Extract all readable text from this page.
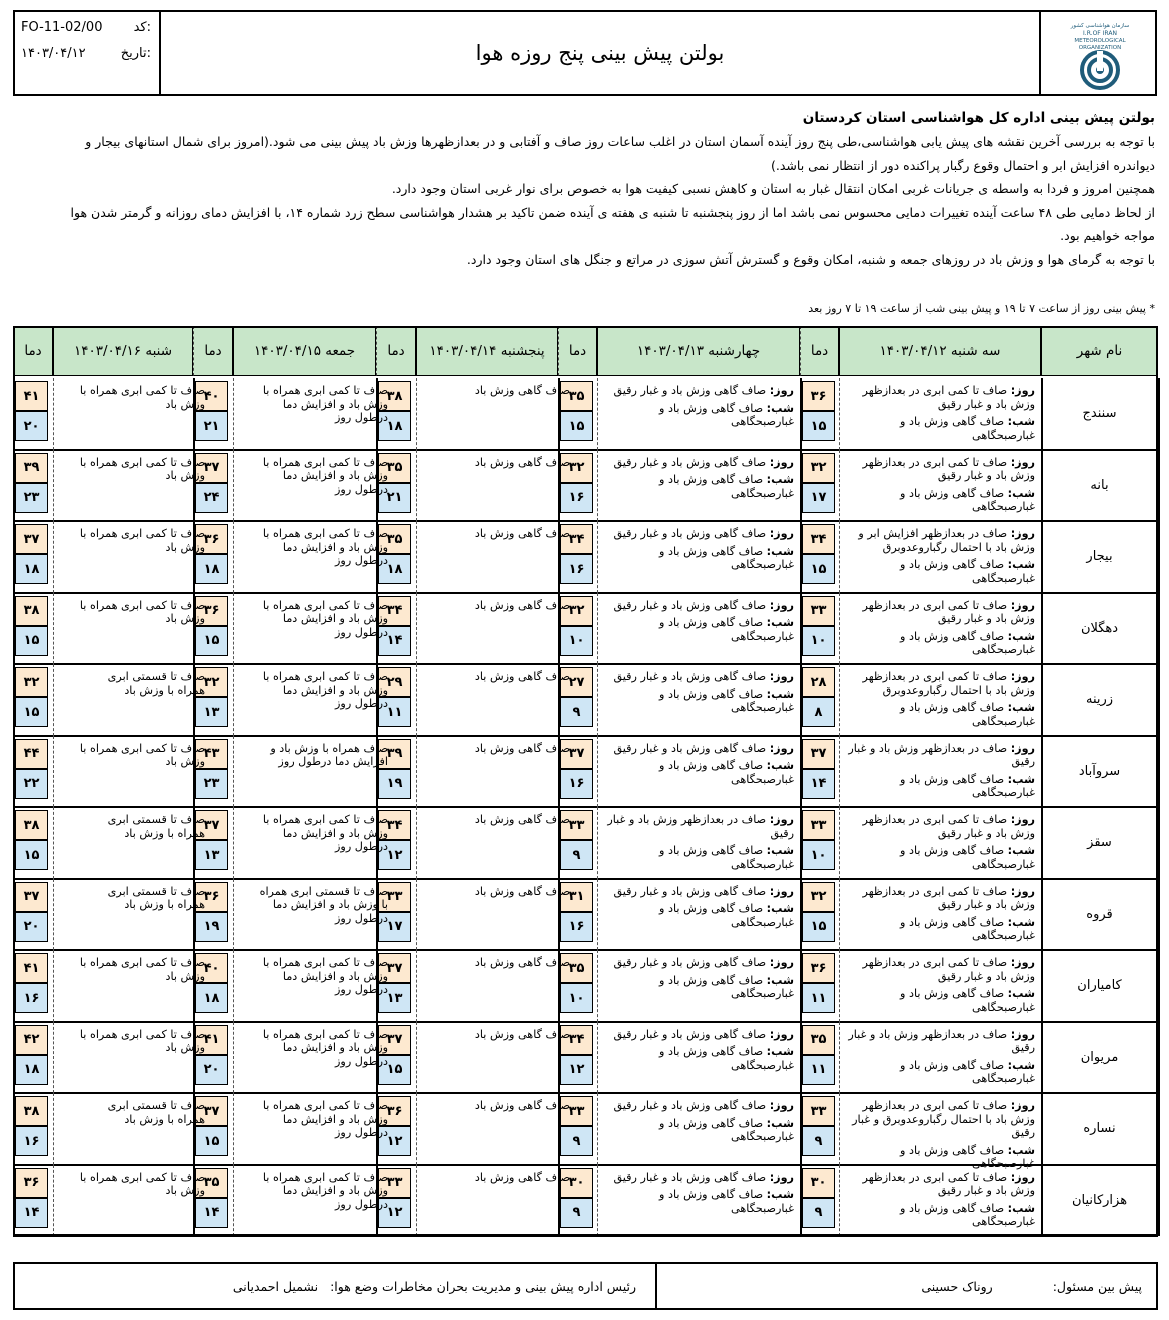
FO-11-02/00 کد:
۱۴۰۳/۰۴/۱۲	تاریخ:	بولتن پیش بینی پنج روزه هوا
سازمان هواشناسی کشور
I.R.OF IRAN
METEOROLOGICAL
ORGANIZATION
بولتن پیش بینی اداره کل هواشناسی استان کردستان

با توجه به بررسی آخرین نقشه های پیش یابی هواشناسی،طی پنج روز آینده آسمان استان در اغلب ساعات روز صاف و آفتابی و در بعدازظهرها وزش باد پیش بینی می شود.(امروز برای شمال استانهای بیجار و دیواندره افزایش ابر و احتمال وقوع رگبار پراکنده دور از انتظار نمی باشد.)

همچنین امروز و فردا به واسطه ی جریانات غربی امکان انتقال غبار به استان و کاهش نسبی کیفیت هوا به خصوص برای نوار غربی استان وجود دارد.

از لحاظ دمایی طی ۴۸ ساعت آینده تغییرات دمایی محسوس نمی باشد اما از روز پنجشنبه تا شنبه ی هفته ی آینده ضمن تاکید بر هشدار هواشناسی سطح زرد شماره ۱۴، با افزایش دمای روزانه و گرمتر شدن هوا مواجه خواهیم بود.

با توجه به گرمای هوا و وزش باد در روزهای جمعه و شنبه، امکان وقوع و گسترش آتش سوزی در مراتع و جنگل های استان وجود دارد.

* پیش بینی روز از ساعت ۷ تا ۱۹ و پیش بینی شب از ساعت ۱۹ تا ۷ روز بعد
نام شهر
سه شنبه ۱۴۰۳/۰۴/۱۲
دما
چهارشنبه ۱۴۰۳/۰۴/۱۳
دما
پنجشنبه ۱۴۰۳/۰۴/۱۴
دما
جمعه ۱۴۰۳/۰۴/۱۵
دما
شنبه ۱۴۰۳/۰۴/۱۶
دما
سنندج
روز: صاف تا کمی ابری در بعدازظهر وزش باد و غبار رقیق
شب: صاف گاهی وزش باد و غبارصبحگاهی
۳۶
۱۵
روز: صاف گاهی وزش باد و غبار رقیق
شب: صاف گاهی وزش باد و غبارصبحگاهی
۳۵
۱۵
صاف گاهی وزش باد
۳۸
۱۸
صاف تا کمی ابری همراه با وزش باد و افزایش دما درطول روز
۴۰
۲۱
صاف تا کمی ابری همراه با وزش باد
۴۱
۲۰
بانه
روز: صاف تا کمی ابری در بعدازظهر وزش باد و غبار رقیق
شب: صاف گاهی وزش باد و غبارصبحگاهی
۳۲
۱۷
روز: صاف گاهی وزش باد و غبار رقیق
شب: صاف گاهی وزش باد و غبارصبحگاهی
۳۲
۱۶
صاف گاهی وزش باد
۳۵
۲۱
صاف تا کمی ابری همراه با وزش باد و افزایش دما درطول روز
۳۷
۲۴
صاف تا کمی ابری همراه با وزش باد
۳۹
۲۳
بیجار
روز: صاف در بعدازظهر افزایش ابر و وزش باد با احتمال رگباروعدوبرق
شب: صاف گاهی وزش باد و غبارصبحگاهی
۳۴
۱۵
روز: صاف گاهی وزش باد و غبار رقیق
شب: صاف گاهی وزش باد و غبارصبحگاهی
۳۴
۱۶
صاف گاهی وزش باد
۳۵
۱۸
صاف تا کمی ابری همراه با وزش باد و افزایش دما درطول روز
۳۶
۱۸
صاف تا کمی ابری همراه با وزش باد
۳۷
۱۸
دهگلان
روز: صاف تا کمی ابری در بعدازظهر وزش باد و غبار رقیق
شب: صاف گاهی وزش باد و غبارصبحگاهی
۳۳
۱۰
روز: صاف گاهی وزش باد و غبار رقیق
شب: صاف گاهی وزش باد و غبارصبحگاهی
۳۲
۱۰
صاف گاهی وزش باد
۳۴
۱۴
صاف تا کمی ابری همراه با وزش باد و افزایش دما درطول روز
۳۶
۱۵
صاف تا کمی ابری همراه با وزش باد
۳۸
۱۵
زرینه
روز: صاف تا کمی ابری در بعدازظهر وزش باد با احتمال رگباروعدوبرق
شب: صاف گاهی وزش باد و غبارصبحگاهی
۲۸
۸
روز: صاف گاهی وزش باد و غبار رقیق
شب: صاف گاهی وزش باد و غبارصبحگاهی
۲۷
۹
صاف گاهی وزش باد
۲۹
۱۱
صاف تا کمی ابری همراه با وزش باد و افزایش دما درطول روز
۳۲
۱۳
صاف تا قسمتی ابری همراه با وزش باد
۳۲
۱۵
سروآباد
روز: صاف در بعدازظهر وزش باد و غبار رقیق
شب: صاف گاهی وزش باد و غبارصبحگاهی
۳۷
۱۴
روز: صاف گاهی وزش باد و غبار رقیق
شب: صاف گاهی وزش باد و غبارصبحگاهی
۳۷
۱۶
صاف گاهی وزش باد
۳۹
۱۹
صاف همراه با وزش باد و افزایش دما درطول روز
۴۳
۲۳
صاف تا کمی ابری همراه با وزش باد
۴۴
۲۲
سقز
روز: صاف تا کمی ابری در بعدازظهر وزش باد و غبار رقیق
شب: صاف گاهی وزش باد و غبارصبحگاهی
۳۳
۱۰
روز: صاف در بعدازظهر وزش باد و غبار رقیق
شب: صاف گاهی وزش باد و غبارصبحگاهی
۳۳
۹
صاف گاهی وزش باد
۳۴
۱۲
صاف تا کمی ابری همراه با وزش باد و افزایش دما درطول روز
۳۷
۱۳
صاف تا قسمتی ابری همراه با وزش باد
۳۸
۱۵
قروه
روز: صاف تا کمی ابری در بعدازظهر وزش باد و غبار رقیق
شب: صاف گاهی وزش باد و غبارصبحگاهی
۳۲
۱۵
روز: صاف گاهی وزش باد و غبار رقیق
شب: صاف گاهی وزش باد و غبارصبحگاهی
۳۱
۱۶
صاف گاهی وزش باد
۳۳
۱۷
صاف تا قسمتی ابری همراه با وزش باد و افزایش دما درطول روز
۳۶
۱۹
صاف تا قسمتی ابری همراه با وزش باد
۳۷
۲۰
کامیاران
روز: صاف تا کمی ابری در بعدازظهر وزش باد و غبار رقیق
شب: صاف گاهی وزش باد و غبارصبحگاهی
۳۶
۱۱
روز: صاف گاهی وزش باد و غبار رقیق
شب: صاف گاهی وزش باد و غبارصبحگاهی
۳۵
۱۰
صاف گاهی وزش باد
۳۷
۱۳
صاف تا کمی ابری همراه با وزش باد و افزایش دما درطول روز
۴۰
۱۸
صاف تا کمی ابری همراه با وزش باد
۴۱
۱۶
مریوان
روز: صاف در بعدازظهر وزش باد و غبار رقیق
شب: صاف گاهی وزش باد و غبارصبحگاهی
۳۵
۱۱
روز: صاف گاهی وزش باد و غبار رقیق
شب: صاف گاهی وزش باد و غبارصبحگاهی
۳۴
۱۲
صاف گاهی وزش باد
۳۷
۱۵
صاف تا کمی ابری همراه با وزش باد و افزایش دما درطول روز
۴۱
۲۰
صاف تا کمی ابری همراه با وزش باد
۴۲
۱۸
نساره
روز: صاف تا کمی ابری در بعدازظهر وزش باد با احتمال رگباروعدوبرق و غبار رقیق
شب: صاف گاهی وزش باد و غبارصبحگاهی
۳۳
۹
روز: صاف گاهی وزش باد و غبار رقیق
شب: صاف گاهی وزش باد و غبارصبحگاهی
۳۳
۹
صاف گاهی وزش باد
۳۶
۱۲
صاف تا کمی ابری همراه با وزش باد و افزایش دما درطول روز
۳۷
۱۵
صاف تا قسمتی ابری همراه با وزش باد
۳۸
۱۶
هزارکانیان
روز: صاف تا کمی ابری در بعدازظهر وزش باد و غبار رقیق
شب: صاف گاهی وزش باد و غبارصبحگاهی
۳۰
۹
روز: صاف گاهی وزش باد و غبار رقیق
شب: صاف گاهی وزش باد و غبارصبحگاهی
۳۰
۹
صاف گاهی وزش باد
۳۳
۱۲
صاف تا کمی ابری همراه با وزش باد و افزایش دما درطول روز
۳۵
۱۴
صاف تا کمی ابری همراه با وزش باد
۳۶
۱۴
پیش بین مسئول:
روناک حسینی
رئیس اداره پیش بینی و مدیریت بحران مخاطرات وضع هوا:
نشمیل احمدیانی
